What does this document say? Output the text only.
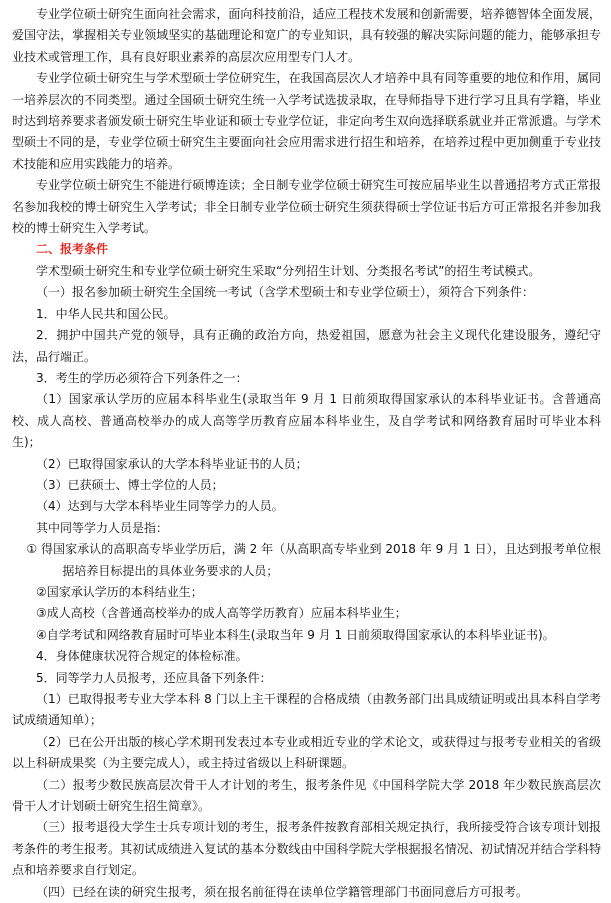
专业学位硕士研究生面向社会需求，面向科技前沿，适应工程技术发展和创新需要，培养德智体全面发展，爱国守法，掌握相关专业领域坚实的基础理论和宽广的专业知识，具有较强的解决实际问题的能力，能够承担专业技术或管理工作，具有良好职业素养的高层次应用型专门人才。

专业学位硕士研究生与学术型硕士学位研究生，在我国高层次人才培养中具有同等重要的地位和作用，属同一培养层次的不同类型。通过全国硕士研究生统一入学考试选拔录取，在导师指导下进行学习且具有学籍，毕业时达到培养要求者颁发硕士研究生毕业证和硕士专业学位证，非定向考生双向选择联系就业并正常派遣。与学术型硕士不同的是，专业学位硕士研究生主要面向社会应用需求进行招生和培养，在培养过程中更加侧重于专业技术技能和应用实践能力的培养。

专业学位硕士研究生不能进行硕博连读；全日制专业学位硕士研究生可按应届毕业生以普通招考方式正常报名参加我校的博士研究生入学考试；非全日制专业学位硕士研究生须获得硕士学位证书后方可正常报名并参加我校的博士研究生入学考试。

二、报考条件

学术型硕士研究生和专业学位硕士研究生采取“分列招生计划、分类报名考试”的招生考试模式。

（一）报名参加硕士研究生全国统一考试（含学术型硕士和专业学位硕士），须符合下列条件：

1．中华人民共和国公民。

2．拥护中国共产党的领导，具有正确的政治方向，热爱祖国，愿意为社会主义现代化建设服务，遵纪守法，品行端正。

3．考生的学历必须符合下列条件之一：

（1）国家承认学历的应届本科毕业生(录取当年 9 月 1 日前须取得国家承认的本科毕业证书。含普通高校、成人高校、普通高校举办的成人高等学历教育应届本科毕业生，及自学考试和网络教育届时可毕业本科生)；

（2）已取得国家承认的大学本科毕业证书的人员；

（3）已获硕士、博士学位的人员；

（4）达到与大学本科毕业生同等学力的人员。

其中同等学力人员是指：

① 得国家承认的高职高专毕业学历后，满 2 年（从高职高专毕业到 2018 年 9 月 1 日），且达到报考单位根据培养目标提出的具体业务要求的人员；

②国家承认学历的本科结业生；

③成人高校（含普通高校举办的成人高等学历教育）应届本科毕业生；

④自学考试和网络教育届时可毕业本科生(录取当年 9 月 1 日前须取得国家承认的本科毕业证书)。

4．身体健康状况符合规定的体检标准。

5．同等学力人员报考，还应具备下列条件：

（1）已取得报考专业大学本科 8 门以上主干课程的合格成绩（由教务部门出具成绩证明或出具本科自学考试成绩通知单）；

（2）已在公开出版的核心学术期刊发表过本专业或相近专业的学术论文，或获得过与报考专业相关的省级以上科研成果奖（为主要完成人），或主持过省级以上科研课题。

（二）报考少数民族高层次骨干人才计划的考生，报考条件见《中国科学院大学 2018 年少数民族高层次骨干人才计划硕士研究生招生简章》。

（三）报考退役大学生士兵专项计划的考生，报考条件按教育部相关规定执行，我所接受符合该专项计划报考条件的考生报考。其初试成绩进入复试的基本分数线由中国科学院大学根据报名情况、初试情况并结合学科特点和培养要求自行划定。

（四）已经在读的研究生报考，须在报名前征得在读单位学籍管理部门书面同意后方可报考。
